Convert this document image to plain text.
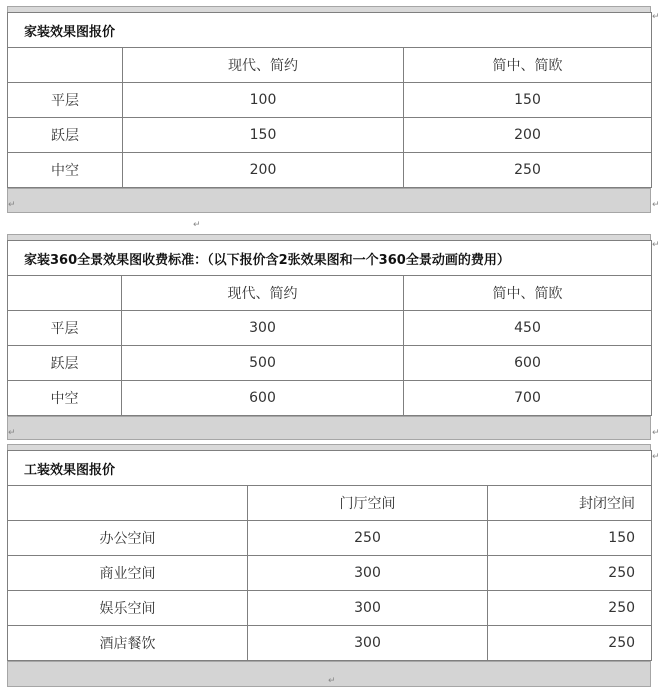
家装效果图报价		
	现代、简约	简中、简欧
平层	100	150
跃层	150	200
中空	200	250
家装360全景效果图收费标准：（以下报价含2张效果图和一个360全景动画的费用）		
	现代、简约	简中、简欧
平层	300	450
跃层	500	600
中空	600	700
工装效果图报价		
	门厅空间	封闭空间
办公空间	250	150
商业空间	300	250
娱乐空间	300	250
酒店餐饮	300	250
↵
↵
↵
↵
↵
↵	↵
↵
↵
